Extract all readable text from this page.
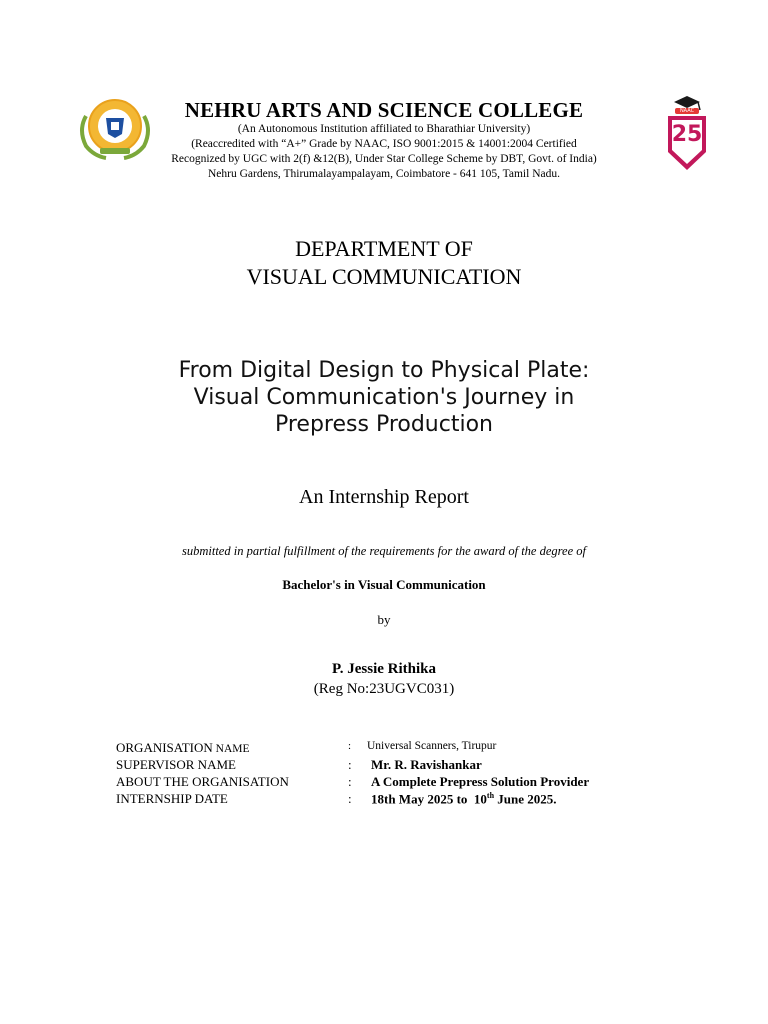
NAAC
25
NEHRU ARTS AND SCIENCE COLLEGE
(An Autonomous Institution affiliated to Bharathiar University)
(Reaccredited with “A+” Grade by NAAC, ISO 9001:2015 & 14001:2004 Certified
Recognized by UGC with 2(f) &12(B), Under Star College Scheme by DBT, Govt. of India)
Nehru Gardens, Thirumalayampalayam, Coimbatore - 641 105, Tamil Nadu.
DEPARTMENT OF
VISUAL COMMUNICATION
From Digital Design to Physical Plate:
Visual Communication's Journey in
Prepress Production
An Internship Report
submitted in partial fulfillment of the requirements for the award of the degree of
Bachelor's in Visual Communication
by
P. Jessie Rithika
(Reg No:23UGVC031)
ORGANISATION NAME	: Universal Scanners, Tirupur
SUPERVISOR NAME	: Mr. R. Ravishankar
ABOUT THE ORGANISATION	: A Complete Prepress Solution Provider
INTERNSHIP DATE	: 18th May 2025 to  10th June 2025.
